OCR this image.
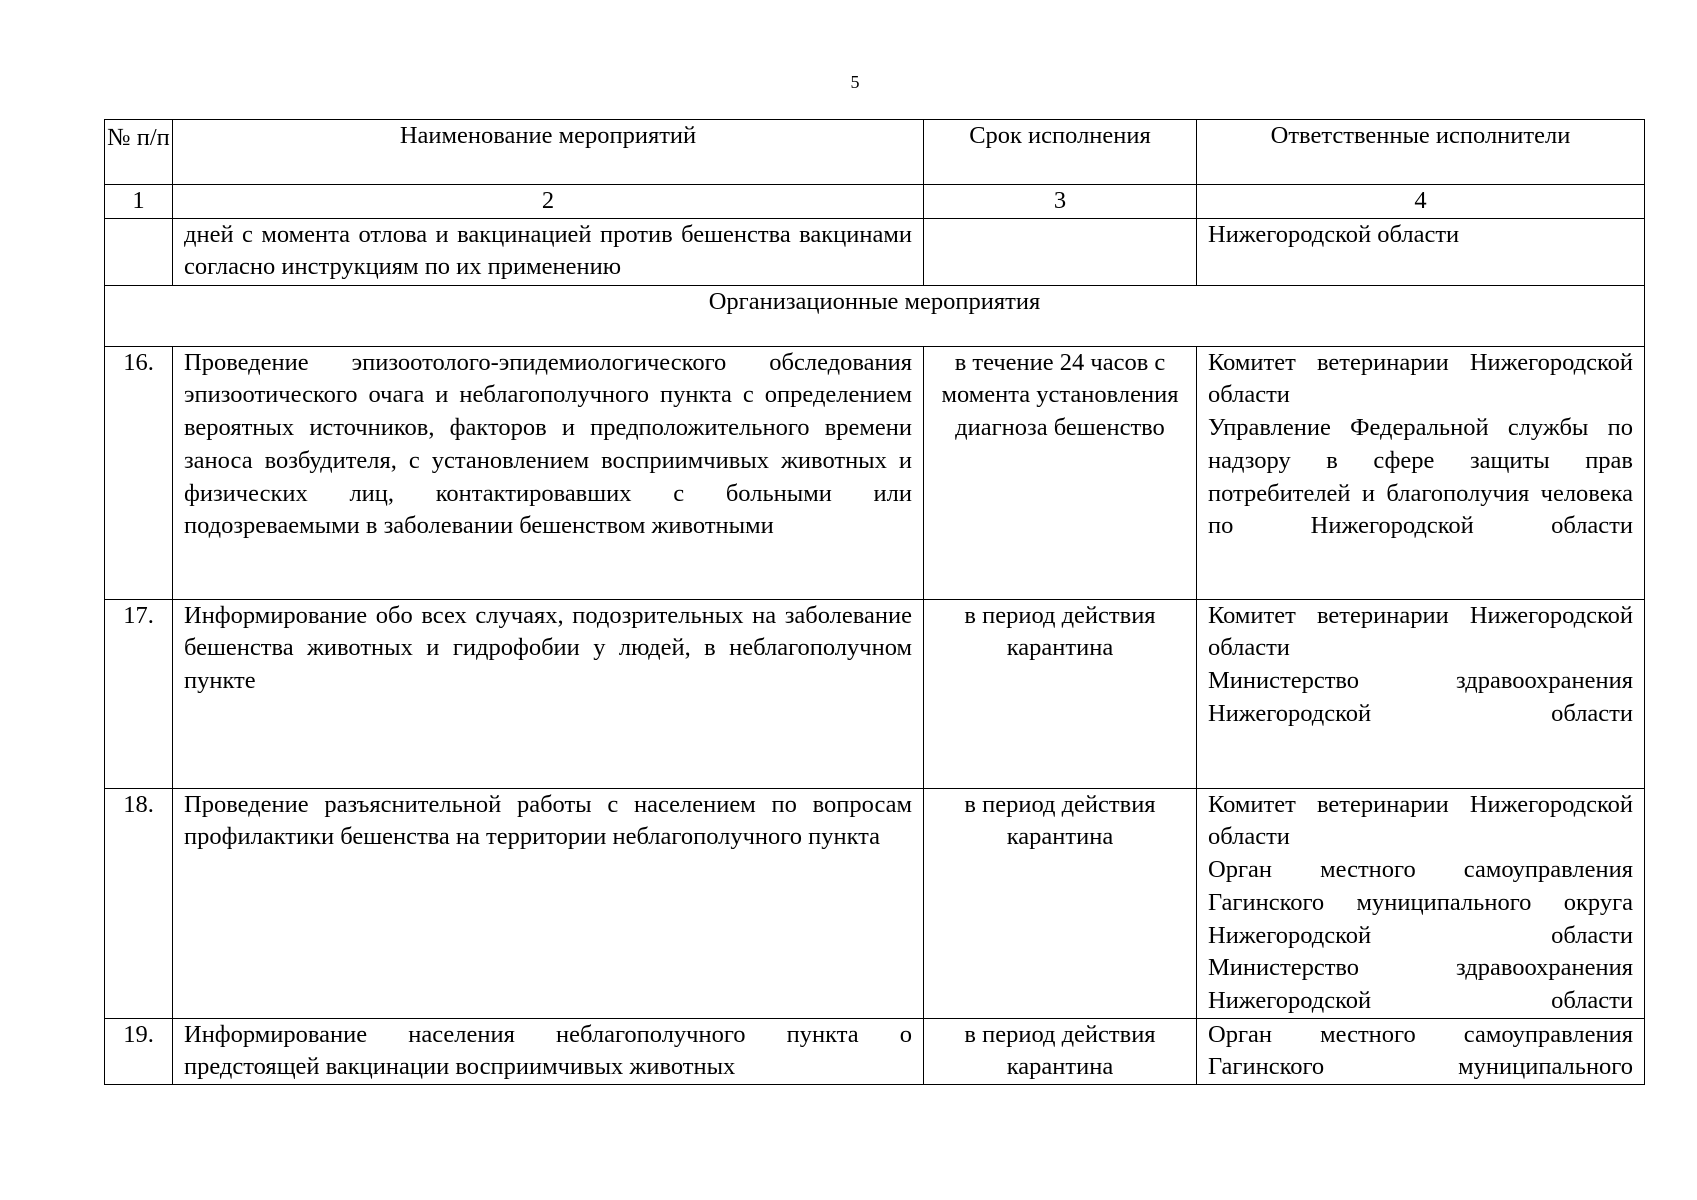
5
№ п/п	Наименование мероприятий	Срок исполнения	Ответственные исполнители
1	2	3	4
	дней с момента отлова и вакцинацией против бешенства вакцинами согласно инструкциям по их применению		Нижегородской области
Организационные мероприятия			
16.	Проведение эпизоотолого-эпидемиологического обследования эпизоотического очага и неблагополучного пункта с определением вероятных источников, факторов и предположительного времени заноса возбудителя, с установлением восприимчивых животных и физических лиц, контактировавших с больными или подозреваемыми в заболевании бешенством животными	в течение 24 часов с момента установления диагноза бешенство	Комитет ветеринарии Нижегородской области
Управление Федеральной службы по надзору в сфере защиты прав потребителей и благополучия человека по Нижегородской области

17.	Информирование обо всех случаях, подозрительных на заболевание бешенства животных и гидрофобии у людей, в неблагополучном пункте	в период действия карантина	Комитет ветеринарии Нижегородской области
Министерство здравоохранения Нижегородской области

18.	Проведение разъяснительной работы с населением по вопросам профилактики бешенства на территории неблагополучного пункта	в период действия карантина	Комитет ветеринарии Нижегородской области
Орган местного самоуправления Гагинского муниципального округа Нижегородской области
Министерство здравоохранения Нижегородской области

19.	Информирование населения неблагополучного пункта о предстоящей вакцинации восприимчивых животных	в период действия карантина	Орган местного самоуправления Гагинского муниципального
